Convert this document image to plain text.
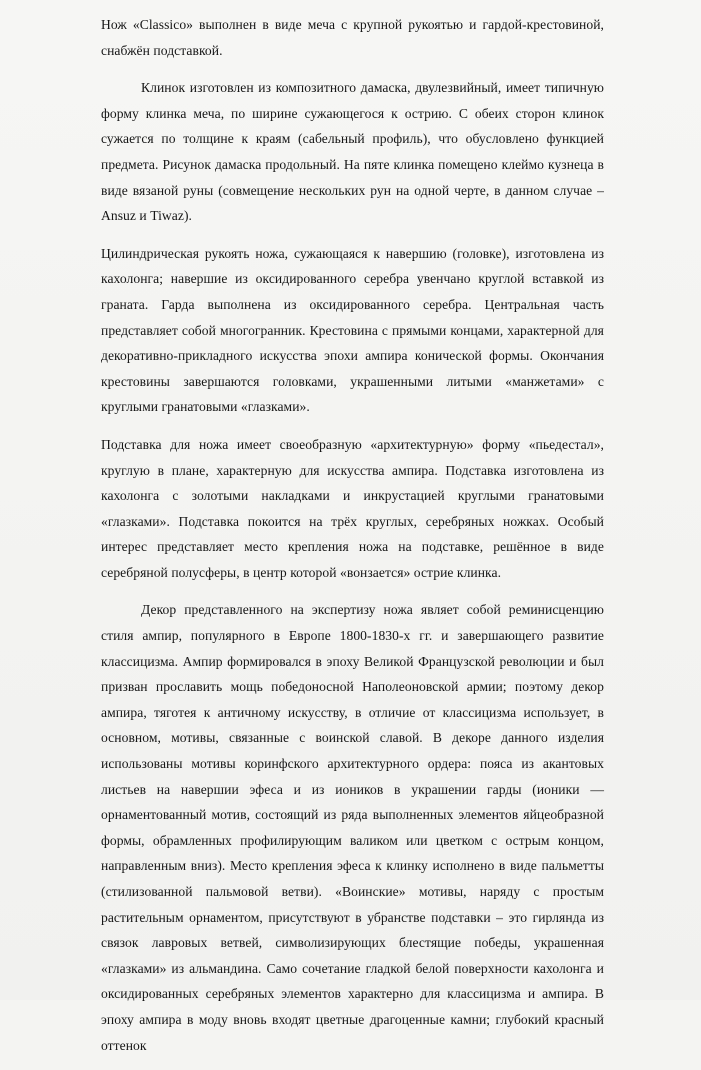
Нож «Classico» выполнен в виде меча с крупной рукоятью и гардой-крестовиной, снабжён подставкой.

Клинок изготовлен из композитного дамаска, двулезвийный, имеет типичную форму клинка меча, по ширине сужающегося к острию. С обеих сторон клинок сужается по толщине к краям (сабельный профиль), что обусловлено функцией предмета. Рисунок дамаска продольный. На пяте клинка помещено клеймо кузнеца в виде вязаной руны (совмещение нескольких рун на одной черте, в данном случае – Ansuz и Tiwaz).

Цилиндрическая рукоять ножа, сужающаяся к навершию (головке), изготовлена из кахолонга; навершие из оксидированного серебра увенчано круглой вставкой из граната. Гарда выполнена из оксидированного серебра. Центральная часть представляет собой многогранник. Крестовина с прямыми концами, характерной для декоративно-прикладного искусства эпохи ампира конической формы. Окончания крестовины завершаются головками, украшенными литыми «манжетами» с круглыми гранатовыми «глазками».

Подставка для ножа имеет своеобразную «архитектурную» форму «пьедестал», круглую в плане, характерную для искусства ампира. Подставка изготовлена из кахолонга с золотыми накладками и инкрустацией круглыми гранатовыми «глазками». Подставка покоится на трёх круглых, серебряных ножках. Особый интерес представляет место крепления ножа на подставке, решённое в виде серебряной полусферы, в центр которой «вонзается» острие клинка.

Декор представленного на экспертизу ножа являет собой реминисценцию стиля ампир, популярного в Европе 1800-1830-х гг. и завершающего развитие классицизма. Ампир формировался в эпоху Великой Французской революции и был призван прославить мощь победоносной Наполеоновской армии; поэтому декор ампира, тяготея к античному искусству, в отличие от классицизма использует, в основном, мотивы, связанные с воинской славой. В декоре данного изделия использованы мотивы коринфского архитектурного ордера: пояса из акантовых листьев на навершии эфеса и из иоников в украшении гарды (ионики — орнаментованный мотив, состоящий из ряда выполненных элементов яйцеобразной формы, обрамленных профилирующим валиком или цветком с острым концом, направленным вниз). Место крепления эфеса к клинку исполнено в виде пальметты (стилизованной пальмовой ветви). «Воинские» мотивы, наряду с простым растительным орнаментом, присутствуют в убранстве подставки – это гирлянда из связок лавровых ветвей, символизирующих блестящие победы, украшенная «глазками» из альмандина. Само сочетание гладкой белой поверхности кахолонга и оксидированных серебряных элементов характерно для классицизма и ампира. В эпоху ампира в моду вновь входят цветные драгоценные камни; глубокий красный оттенок
